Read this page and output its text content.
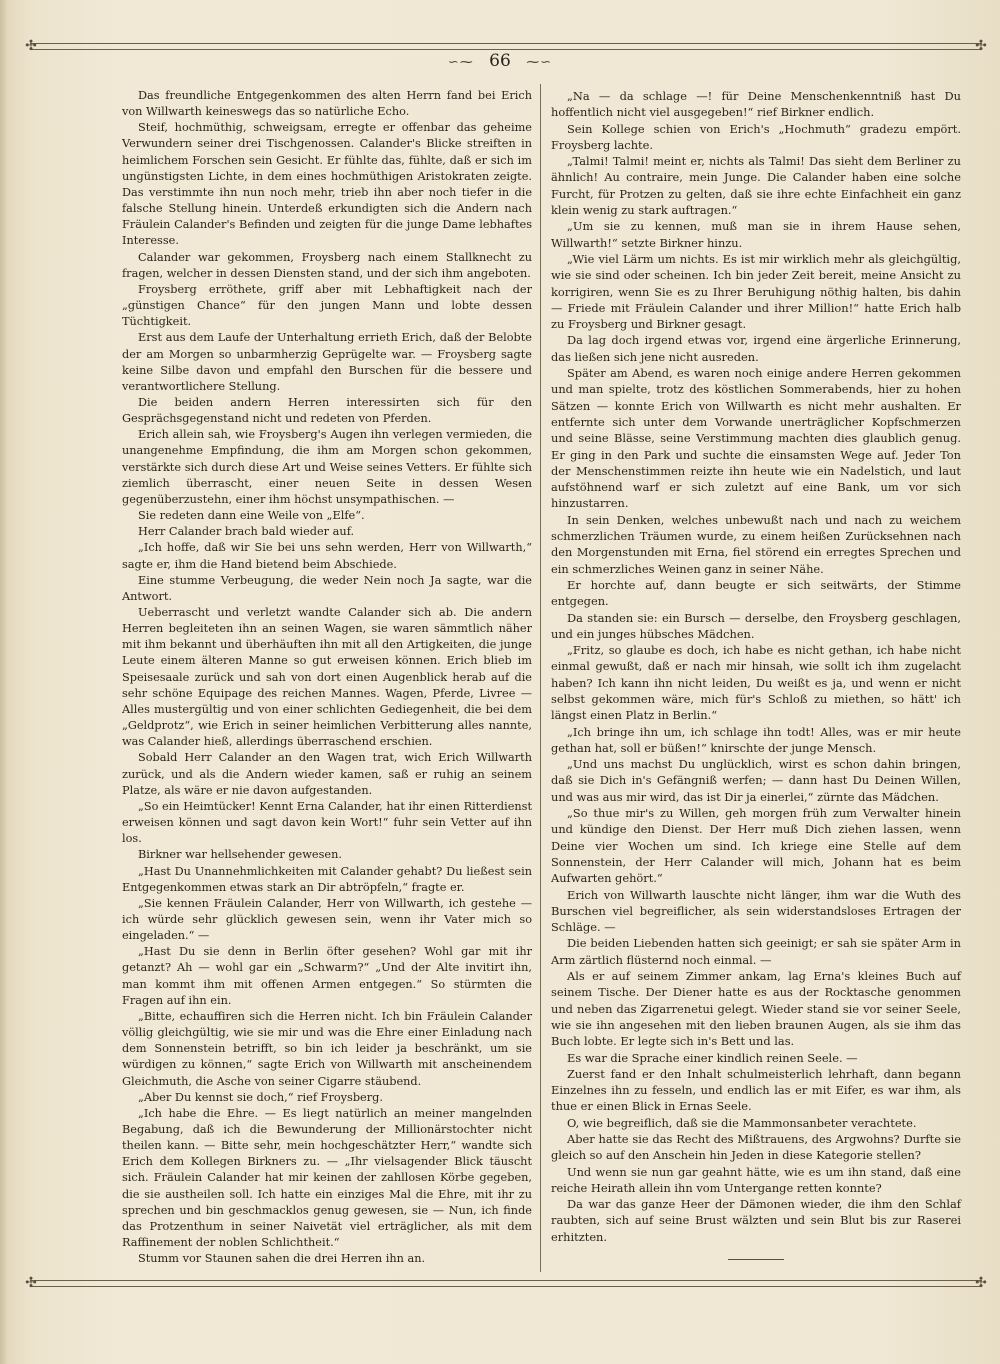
✣	✣
∽⁓ 66 ⁓∽

Das freundliche Entgegenkommen des alten Herrn fand bei Erich von Willwarth keineswegs das so natürliche Echo.

Steif, hochmüthig, schweigsam, erregte er offenbar das geheime Verwundern seiner drei Tischgenossen. Calander's Blicke streiften in heimlichem Forschen sein Gesicht. Er fühlte das, fühlte, daß er sich im ungünstigsten Lichte, in dem eines hochmüthigen Aristokraten zeigte. Das verstimmte ihn nun noch mehr, trieb ihn aber noch tiefer in die falsche Stellung hinein. Unterdeß erkundigten sich die Andern nach Fräulein Calander's Befinden und zeigten für die junge Dame lebhaftes Interesse.

Calander war gekommen, Froysberg nach einem Stallknecht zu fragen, welcher in dessen Diensten stand, und der sich ihm angeboten.

Froysberg erröthete, griff aber mit Lebhaftigkeit nach der „günstigen Chance“ für den jungen Mann und lobte dessen Tüchtigkeit.

Erst aus dem Laufe der Unterhaltung errieth Erich, daß der Belobte der am Morgen so unbarmherzig Geprügelte war. — Froysberg sagte keine Silbe davon und empfahl den Burschen für die bessere und verantwortlichere Stellung.

Die beiden andern Herren interessirten sich für den Gesprächsgegenstand nicht und redeten von Pferden.

Erich allein sah, wie Froysberg's Augen ihn verlegen vermieden, die unangenehme Empfindung, die ihm am Morgen schon gekommen, verstärkte sich durch diese Art und Weise seines Vetters. Er fühlte sich ziemlich überrascht, einer neuen Seite in dessen Wesen gegenüberzustehn, einer ihm höchst unsympathischen. —

Sie redeten dann eine Weile von „Elfe“.

Herr Calander brach bald wieder auf.

„Ich hoffe, daß wir Sie bei uns sehn werden, Herr von Willwarth,“ sagte er, ihm die Hand bietend beim Abschiede.

Eine stumme Verbeugung, die weder Nein noch Ja sagte, war die Antwort.

Ueberrascht und verletzt wandte Calander sich ab. Die andern Herren begleiteten ihn an seinen Wagen, sie waren sämmtlich näher mit ihm bekannt und überhäuften ihn mit all den Artigkeiten, die junge Leute einem älteren Manne so gut erweisen können. Erich blieb im Speisesaale zurück und sah von dort einen Augenblick herab auf die sehr schöne Equipage des reichen Mannes. Wagen, Pferde, Livree — Alles mustergültig und von einer schlichten Gediegenheit, die bei dem „Geldprotz“, wie Erich in seiner heimlichen Verbitterung alles nannte, was Calander hieß, allerdings überraschend erschien.

Sobald Herr Calander an den Wagen trat, wich Erich Willwarth zurück, und als die Andern wieder kamen, saß er ruhig an seinem Platze, als wäre er nie davon aufgestanden.

„So ein Heimtücker! Kennt Erna Calander, hat ihr einen Ritterdienst erweisen können und sagt davon kein Wort!“ fuhr sein Vetter auf ihn los.

Birkner war hellsehender gewesen.

„Hast Du Unannehmlichkeiten mit Calander gehabt? Du ließest sein Entgegenkommen etwas stark an Dir abtröpfeln,“ fragte er.

„Sie kennen Fräulein Calander, Herr von Willwarth, ich gestehe — ich würde sehr glücklich gewesen sein, wenn ihr Vater mich so eingeladen.“ —

„Hast Du sie denn in Berlin öfter gesehen? Wohl gar mit ihr getanzt? Ah — wohl gar ein „Schwarm?“ „Und der Alte invitirt ihn, man kommt ihm mit offenen Armen entgegen.“ So stürmten die Fragen auf ihn ein.

„Bitte, echauffiren sich die Herren nicht. Ich bin Fräulein Calander völlig gleichgültig, wie sie mir und was die Ehre einer Einladung nach dem Sonnenstein betrifft, so bin ich leider ja beschränkt, um sie würdigen zu können,“ sagte Erich von Willwarth mit anscheinendem Gleichmuth, die Asche von seiner Cigarre stäubend.

„Aber Du kennst sie doch,“ rief Froysberg.

„Ich habe die Ehre. — Es liegt natürlich an meiner mangelnden Begabung, daß ich die Bewunderung der Millionärstochter nicht theilen kann. — Bitte sehr, mein hochgeschätzter Herr,“ wandte sich Erich dem Kollegen Birkners zu. — „Ihr vielsagender Blick täuscht sich. Fräulein Calander hat mir keinen der zahllosen Körbe gegeben, die sie austheilen soll. Ich hatte ein einziges Mal die Ehre, mit ihr zu sprechen und bin geschmacklos genug gewesen, sie — Nun, ich finde das Protzenthum in seiner Naivetät viel erträglicher, als mit dem Raffinement der noblen Schlichtheit.“

Stumm vor Staunen sahen die drei Herren ihn an.

„Na — da schlage —! für Deine Menschenkenntniß hast Du hoffentlich nicht viel ausgegeben!“ rief Birkner endlich.

Sein Kollege schien von Erich's „Hochmuth“ gradezu empört. Froysberg lachte.

„Talmi! Talmi! meint er, nichts als Talmi! Das sieht dem Berliner zu ähnlich! Au contraire, mein Junge. Die Calander haben eine solche Furcht, für Protzen zu gelten, daß sie ihre echte Einfachheit ein ganz klein wenig zu stark auftragen.“

„Um sie zu kennen, muß man sie in ihrem Hause sehen, Willwarth!“ setzte Birkner hinzu.

„Wie viel Lärm um nichts. Es ist mir wirklich mehr als gleichgültig, wie sie sind oder scheinen. Ich bin jeder Zeit bereit, meine Ansicht zu korrigiren, wenn Sie es zu Ihrer Beruhigung nöthig halten, bis dahin — Friede mit Fräulein Calander und ihrer Million!“ hatte Erich halb zu Froysberg und Birkner gesagt.

Da lag doch irgend etwas vor, irgend eine ärgerliche Erinnerung, das ließen sich jene nicht ausreden.

Später am Abend, es waren noch einige andere Herren gekommen und man spielte, trotz des köstlichen Sommerabends, hier zu hohen Sätzen — konnte Erich von Willwarth es nicht mehr aushalten. Er entfernte sich unter dem Vorwande unerträglicher Kopfschmerzen und seine Blässe, seine Verstimmung machten dies glaublich genug. Er ging in den Park und suchte die einsamsten Wege auf. Jeder Ton der Menschenstimmen reizte ihn heute wie ein Nadelstich, und laut aufstöhnend warf er sich zuletzt auf eine Bank, um vor sich hinzustarren.

In sein Denken, welches unbewußt nach und nach zu weichem schmerzlichen Träumen wurde, zu einem heißen Zurücksehnen nach den Morgenstunden mit Erna, fiel störend ein erregtes Sprechen und ein schmerzliches Weinen ganz in seiner Nähe.

Er horchte auf, dann beugte er sich seitwärts, der Stimme entgegen.

Da standen sie: ein Bursch — derselbe, den Froysberg geschlagen, und ein junges hübsches Mädchen.

„Fritz, so glaube es doch, ich habe es nicht gethan, ich habe nicht einmal gewußt, daß er nach mir hinsah, wie sollt ich ihm zugelacht haben? Ich kann ihn nicht leiden, Du weißt es ja, und wenn er nicht selbst gekommen wäre, mich für's Schloß zu miethen, so hätt' ich längst einen Platz in Berlin.“

„Ich bringe ihn um, ich schlage ihn todt! Alles, was er mir heute gethan hat, soll er büßen!“ knirschte der junge Mensch.

„Und uns machst Du unglücklich, wirst es schon dahin bringen, daß sie Dich in's Gefängniß werfen; — dann hast Du Deinen Willen, und was aus mir wird, das ist Dir ja einerlei,“ zürnte das Mädchen.

„So thue mir's zu Willen, geh morgen früh zum Verwalter hinein und kündige den Dienst. Der Herr muß Dich ziehen lassen, wenn Deine vier Wochen um sind. Ich kriege eine Stelle auf dem Sonnenstein, der Herr Calander will mich, Johann hat es beim Aufwarten gehört.“

Erich von Willwarth lauschte nicht länger, ihm war die Wuth des Burschen viel begreiflicher, als sein widerstandsloses Ertragen der Schläge. —

Die beiden Liebenden hatten sich geeinigt; er sah sie später Arm in Arm zärtlich flüsternd noch einmal. —

Als er auf seinem Zimmer ankam, lag Erna's kleines Buch auf seinem Tische. Der Diener hatte es aus der Rocktasche genommen und neben das Zigarrenetui gelegt. Wieder stand sie vor seiner Seele, wie sie ihn angesehen mit den lieben braunen Augen, als sie ihm das Buch lobte. Er legte sich in's Bett und las.

Es war die Sprache einer kindlich reinen Seele. —

Zuerst fand er den Inhalt schulmeisterlich lehrhaft, dann begann Einzelnes ihn zu fesseln, und endlich las er mit Eifer, es war ihm, als thue er einen Blick in Ernas Seele.

O, wie begreiflich, daß sie die Mammonsanbeter verachtete.

Aber hatte sie das Recht des Mißtrauens, des Argwohns? Durfte sie gleich so auf den Anschein hin Jeden in diese Kategorie stellen?

Und wenn sie nun gar geahnt hätte, wie es um ihn stand, daß eine reiche Heirath allein ihn vom Untergange retten konnte?

Da war das ganze Heer der Dämonen wieder, die ihm den Schlaf raubten, sich auf seine Brust wälzten und sein Blut bis zur Raserei erhitzten.

✣	✣
